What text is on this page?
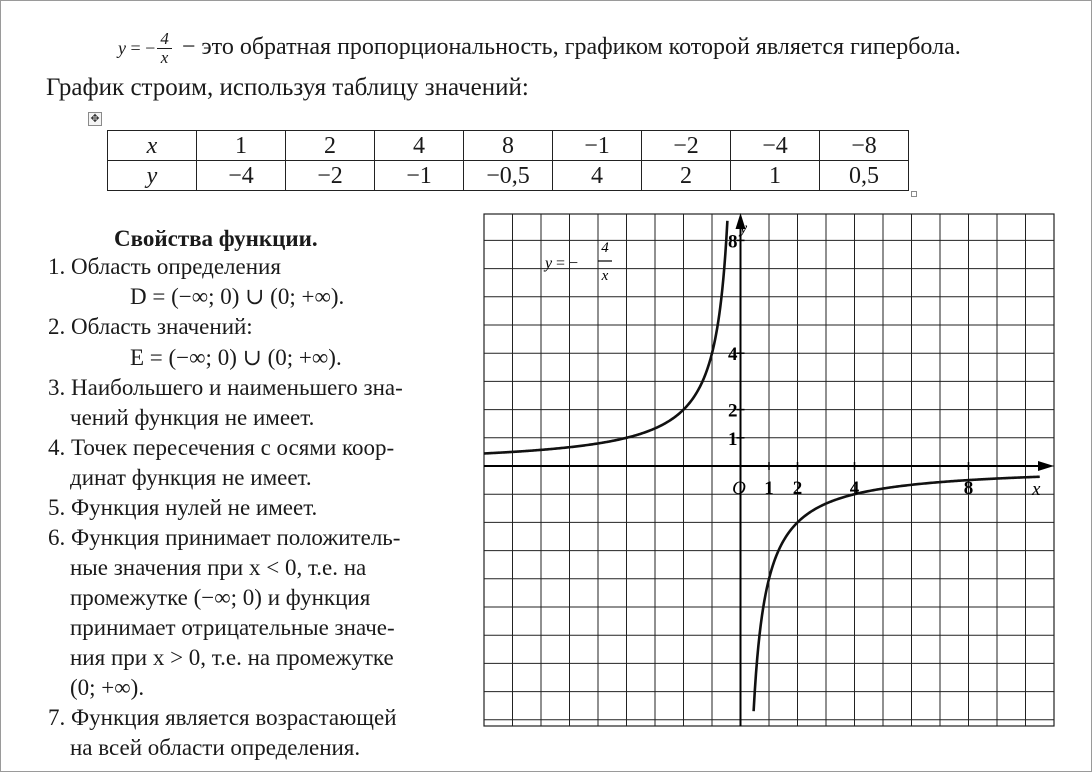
y = − $\frac{4}{x}$ − это обратная пропорциональность, графиком которой является гипербола.
График строим, используя таблицу значений:
✥
x	1	2	4	8	−1	−2	−4	−8
y	−4	−2	−1	−0,5	4	2	1	0,5
Свойства функции.
1. Область определения
D = (−∞; 0) ∪ (0; +∞).
2. Область значений:
E = (−∞; 0) ∪ (0; +∞).
3. Наибольшего и наименьшего зна-
чений функция не имеет.
4. Точек пересечения с осями коор-
динат функция не имеет.
5. Функция нулей не имеет.
6. Функция принимает положитель-
ные значения при x < 0, т.е. на
промежутке (−∞; 0) и функция
принимает отрицательные значе-
ния при x > 0, т.е. на промежутке
(0; +∞).
7. Функция является возрастающей
на всей области определения.
1 2	4	8
1
2
4
8
x
y
O
y = −
4
x
